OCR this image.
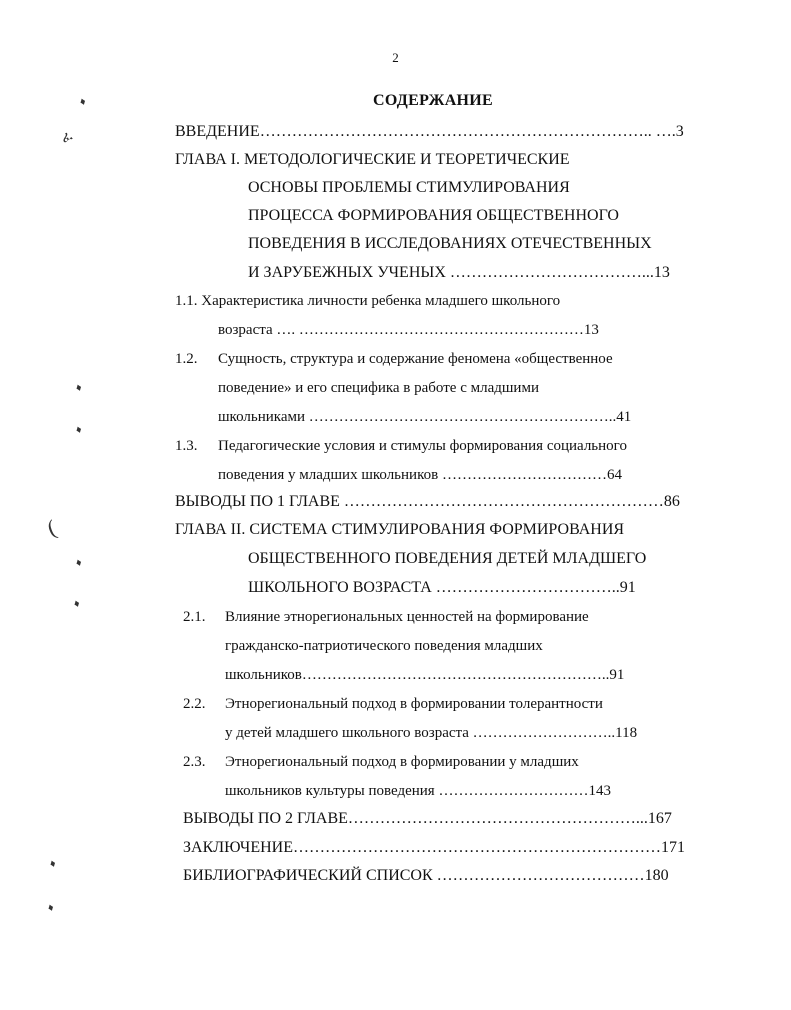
2
СОДЕРЖАНИЕ
ВВЕДЕНИЕ……………………………………………………………….. ….3
ГЛАВА I. МЕТОДОЛОГИЧЕСКИЕ И ТЕОРЕТИЧЕСКИЕ
ОСНОВЫ ПРОБЛЕМЫ СТИМУЛИРОВАНИЯ
ПРОЦЕССА ФОРМИРОВАНИЯ ОБЩЕСТВЕННОГО
ПОВЕДЕНИЯ В ИССЛЕДОВАНИЯХ ОТЕЧЕСТВЕННЫХ
И ЗАРУБЕЖНЫХ УЧЕНЫХ ………………………………...13
1.1. Характеристика личности ребенка младшего школьного
возраста …. …………………………………………………13
1.2. Сущность, структура и содержание феномена «общественное
поведение» и его специфика в работе с младшими
школьниками ……………………………………………………..41
1.3. Педагогические условия и стимулы формирования социального
поведения у младших школьников ……………………………64
ВЫВОДЫ ПО 1 ГЛАВЕ ……………………………………………………86
ГЛАВА II. СИСТЕМА СТИМУЛИРОВАНИЯ ФОРМИРОВАНИЯ
ОБЩЕСТВЕННОГО ПОВЕДЕНИЯ ДЕТЕЙ МЛАДШЕГО
ШКОЛЬНОГО ВОЗРАСТА ……………………………..91
2.1. Влияние этнорегиональных ценностей на формирование
гражданско-патриотического поведения младших
школьников……………………………………………………..91
2.2. Этнорегиональный подход в формировании толерантности
у детей младшего школьного возраста ………………………..118
2.3. Этнорегиональный подход в формировании у младших
школьников культуры поведения …………………………143
ВЫВОДЫ ПО 2 ГЛАВЕ………………………………………………...167
ЗАКЛЮЧЕНИЕ……………………………………………………………171
БИБЛИОГРАФИЧЕСКИЙ СПИСОК …………………………………180
♦
ፈ
♦
♦
(
♦
♦
♦
♦
